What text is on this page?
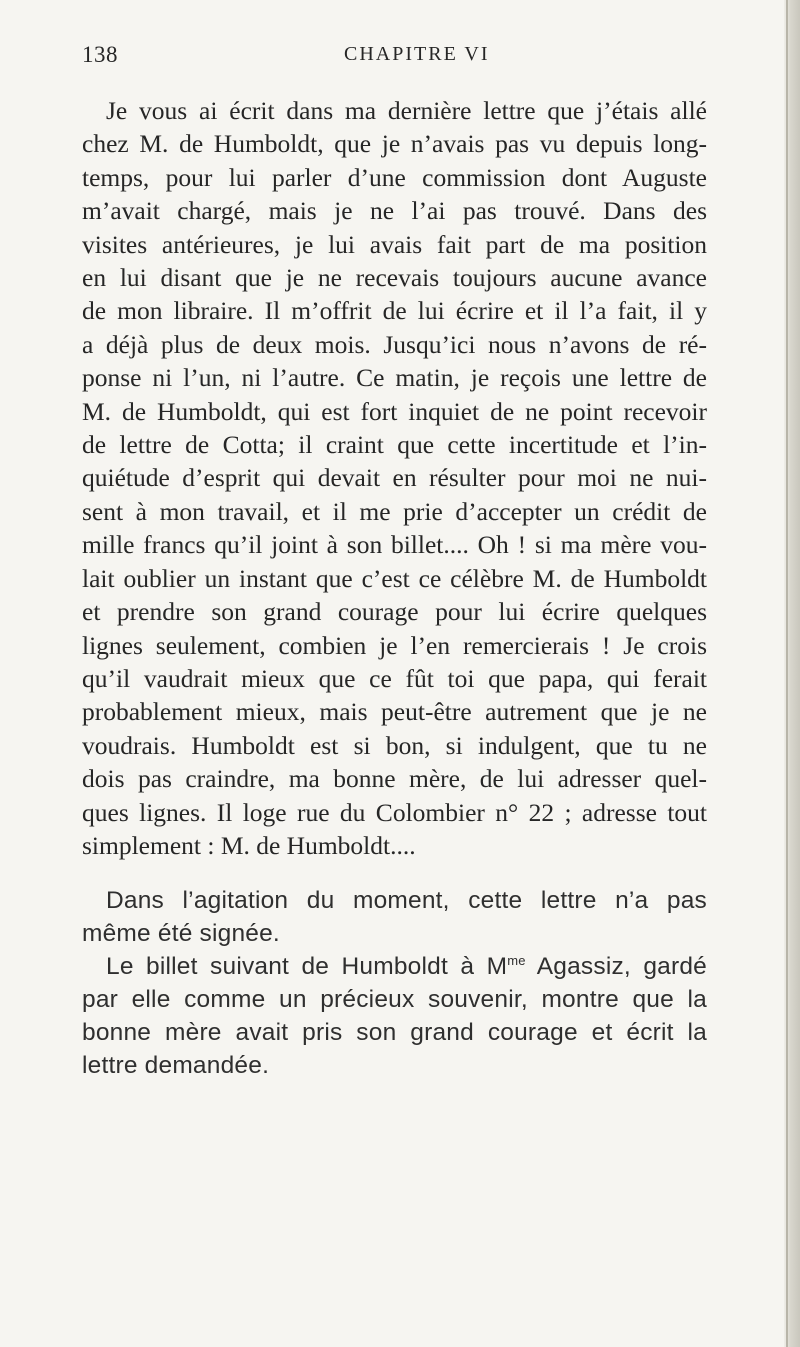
138	CHAPITRE VI

Je vous ai écrit dans ma dernière lettre que j’étais allé
chez M. de Humboldt, que je n’avais pas vu depuis long-
temps, pour lui parler d’une commission dont Auguste
m’avait chargé, mais je ne l’ai pas trouvé. Dans des
visites antérieures, je lui avais fait part de ma position
en lui disant que je ne recevais toujours aucune avance
de mon libraire. Il m’offrit de lui écrire et il l’a fait, il y
a déjà plus de deux mois. Jusqu’ici nous n’avons de ré-
ponse ni l’un, ni l’autre. Ce matin, je reçois une lettre de
M. de Humboldt, qui est fort inquiet de ne point recevoir
de lettre de Cotta; il craint que cette incertitude et l’in-
quiétude d’esprit qui devait en résulter pour moi ne nui-
sent à mon travail, et il me prie d’accepter un crédit de
mille francs qu’il joint à son billet.... Oh ! si ma mère vou-
lait oublier un instant que c’est ce célèbre M. de Humboldt
et prendre son grand courage pour lui écrire quelques
lignes seulement, combien je l’en remercierais ! Je crois
qu’il vaudrait mieux que ce fût toi que papa, qui ferait
probablement mieux, mais peut-être autrement que je ne
voudrais. Humboldt est si bon, si indulgent, que tu ne
dois pas craindre, ma bonne mère, de lui adresser quel-
ques lignes. Il loge rue du Colombier n° 22 ; adresse tout
simplement : M. de Humboldt....

Dans l’agitation du moment, cette lettre n’a pas
même été signée.

Le billet suivant de Humboldt à $M^{me}$ Agassiz, gardé
par elle comme un précieux souvenir, montre que la
bonne mère avait pris son grand courage et écrit la
lettre demandée.
